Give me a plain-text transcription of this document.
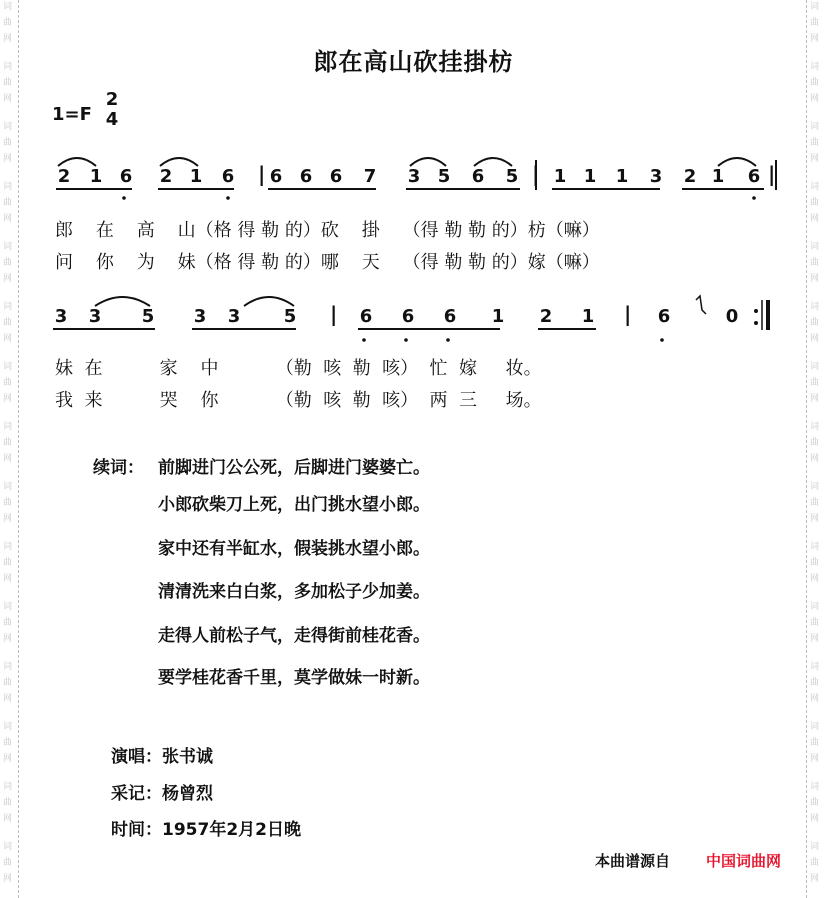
词
曲
网
词
曲
网
词
曲
网
词
曲
网
词
曲
网
词
曲
网
词
曲
网
词
曲
网
词
曲
网
词
曲
网
词
曲
网
词
曲
网
词
曲
网
词
曲
网
词
曲
网
词
曲
网
词
曲
网
词
曲
网
词
曲
网
词
曲
网
词
曲
网
词
曲
网
词
曲
网
词
曲
网
词
曲
网
词
曲
网
词
曲
网
词
曲
网
词
曲
网
词
曲
网
郎在高山砍挂掛枋
1=F
2
4
2 1 6 2 1 6 | 6 6 6 7 3 5 6 5 | 1 1 1 3 2 1 6 |
3 3 5 3 3 5 | 6 6 6 1 2 1 | 6	0
郎    在    高    山（格 得 勒 的）砍    掛    （得 勒 勒 的）枋（嘛）
问    你    为    妹（格 得 勒 的）哪    天    （得 勒 勒 的）嫁（嘛）
妹  在          家    中          （勒  咳  勒  咳）  忙  嫁     妆。
我  来          哭    你          （勒  咳  勒  咳）  两  三     场。
续词： 前脚进门公公死，后脚进门婆婆亡。
小郎砍柴刀上死，出门挑水望小郎。
家中还有半缸水，假装挑水望小郎。
清清洗来白白浆，多加松子少加姜。
走得人前松子气，走得街前桂花香。
要学桂花香千里，莫学做妹一时新。
演唱：张书诚
采记：杨曾烈
时间：1957年2月2日晚
本曲谱源自 中国词曲网
